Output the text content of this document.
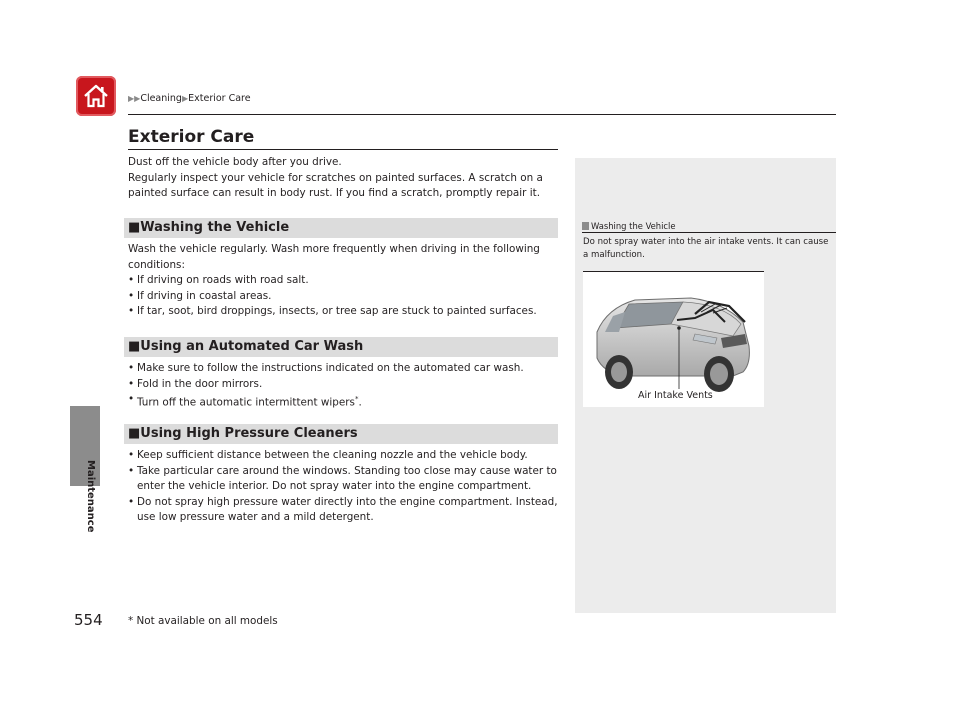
▶▶Cleaning▶Exterior Care
Maintenance
554
Exterior Care
Dust off the vehicle body after you drive.
Regularly inspect your vehicle for scratches on painted surfaces. A scratch on a painted surface can result in body rust. If you find a scratch, promptly repair it.
■Washing the Vehicle
Wash the vehicle regularly. Wash more frequently when driving in the following conditions:
• If driving on roads with road salt.
• If driving in coastal areas.
• If tar, soot, bird droppings, insects, or tree sap are stuck to painted surfaces.
■Using an Automated Car Wash
• Make sure to follow the instructions indicated on the automated car wash.
• Fold in the door mirrors.
• Turn off the automatic intermittent wipers*.
■Using High Pressure Cleaners
• Keep sufficient distance between the cleaning nozzle and the vehicle body.
• Take particular care around the windows. Standing too close may cause water to enter the vehicle interior. Do not spray water into the engine compartment.
• Do not spray high pressure water directly into the engine compartment. Instead, use low pressure water and a mild detergent.
Washing the Vehicle
Do not spray water into the air intake vents. It can cause a malfunction.
Air Intake Vents
* Not available on all models
